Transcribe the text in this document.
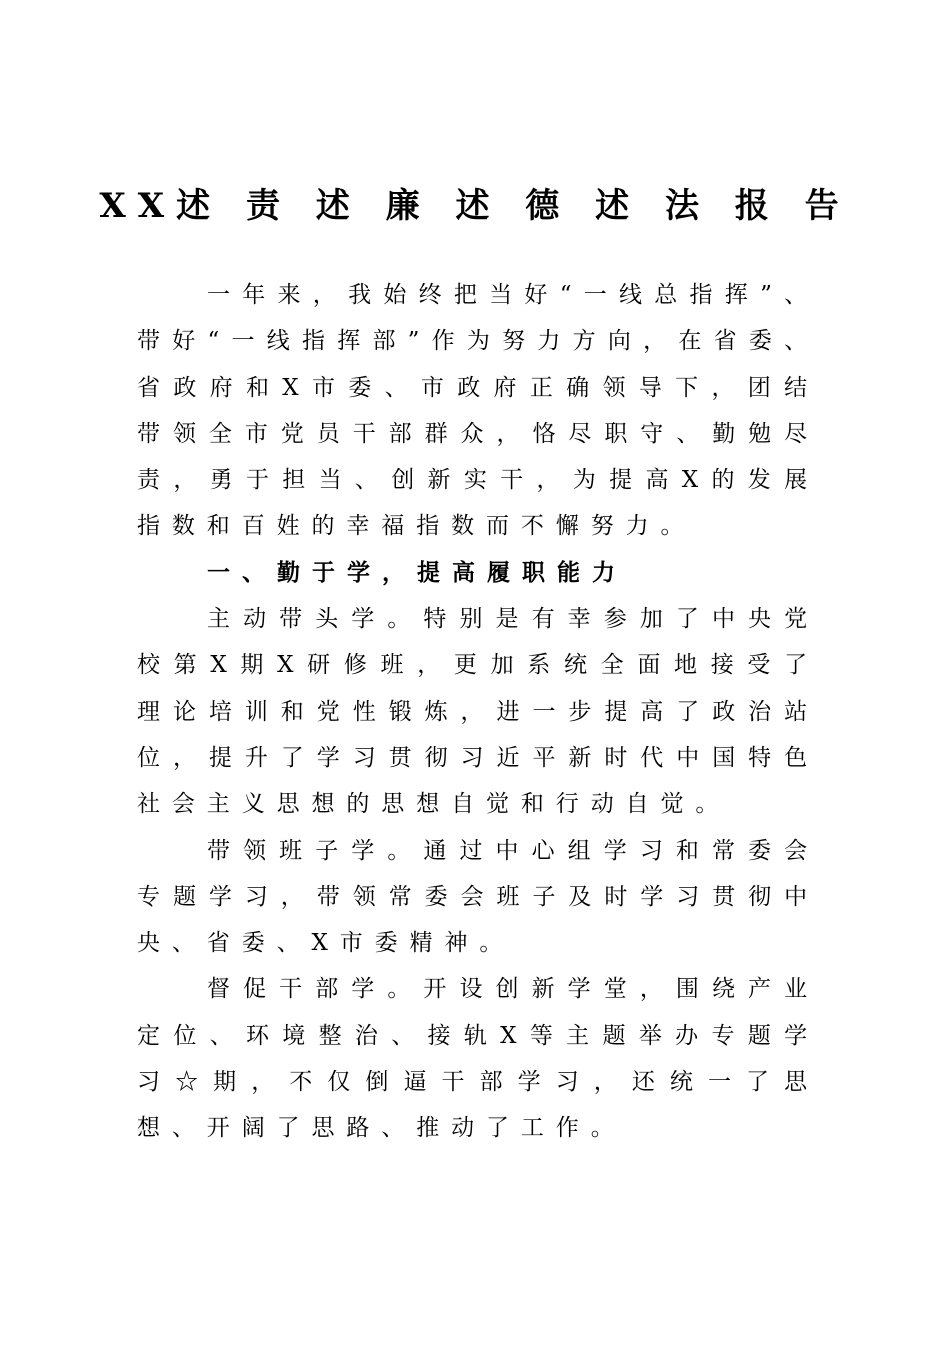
XX述 责 述 廉 述 德 述 法 报 告

一年来，我始终把当好“一线总指挥”、带好“一线指挥部”作为努力方向，在省委、省政府和X市委、市政府正确领导下，团结带领全市党员干部群众，恪尽职守、勤勉尽责，勇于担当、创新实干，为提高X的发展指数和百姓的幸福指数而不懈努力。

一、勤于学，提高履职能力

主动带头学。特别是有幸参加了中央党校第X期X研修班，更加系统全面地接受了理论培训和党性锻炼，进一步提高了政治站位，提升了学习贯彻习近平新时代中国特色社会主义思想的思想自觉和行动自觉。

带领班子学。通过中心组学习和常委会专题学习，带领常委会班子及时学习贯彻中央、省委、X市委精神。

督促干部学。开设创新学堂，围绕产业定位、环境整治、接轨X等主题举办专题学习☆期，不仅倒逼干部学习，还统一了思想、开阔了思路、推动了工作。
